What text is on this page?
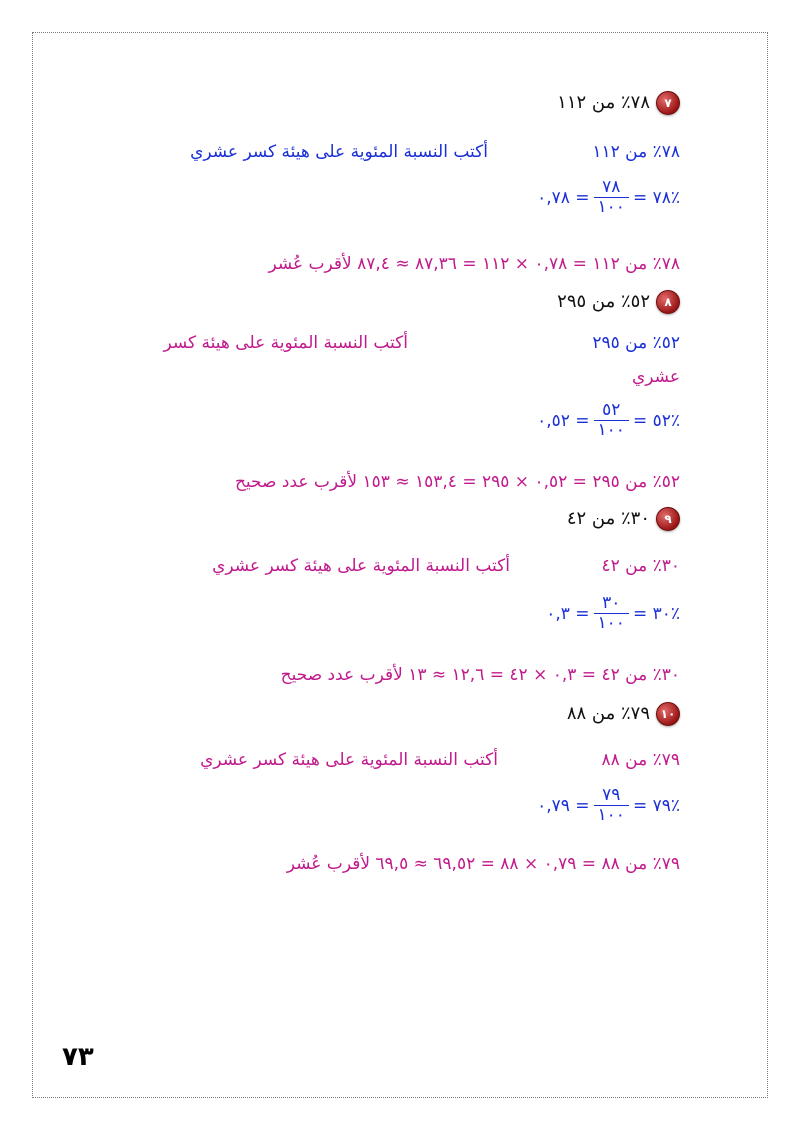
٧
٧٨٪ من ١١٢
٧٨٪ من ١١٢
أكتب النسبة المئوية على هيئة كسر عشري
٪٧٨
=
$\frac{٧٨}{١٠٠}$
=
٠,٧٨
٧٨٪ من ١١٢ = ٠,٧٨ × ١١٢ = ٨٧,٣٦ ≈ ٨٧,٤ لأقرب عُشر
٨
٥٢٪ من ٢٩٥
٥٢٪ من ٢٩٥
أكتب النسبة المئوية على هيئة كسر
عشري
٪٥٢
=
$\frac{٥٢}{١٠٠}$
=
٠,٥٢
٥٢٪ من ٢٩٥ = ٠,٥٢ × ٢٩٥ = ١٥٣,٤ ≈ ١٥٣ لأقرب عدد صحيح
٩
٣٠٪ من ٤٢
٣٠٪ من ٤٢
أكتب النسبة المئوية على هيئة كسر عشري
٪٣٠
=
$\frac{٣٠}{١٠٠}$
=
٠,٣
٣٠٪ من ٤٢ = ٠,٣ × ٤٢ = ١٢,٦ ≈ ١٣ لأقرب عدد صحيح
١٠
٧٩٪ من ٨٨
٧٩٪ من ٨٨
أكتب النسبة المئوية على هيئة كسر عشري
٪٧٩
=
$\frac{٧٩}{١٠٠}$
=
٠,٧٩
٧٩٪ من ٨٨ = ٠,٧٩ × ٨٨ = ٦٩,٥٢ ≈ ٦٩,٥ لأقرب عُشر
٧٣
